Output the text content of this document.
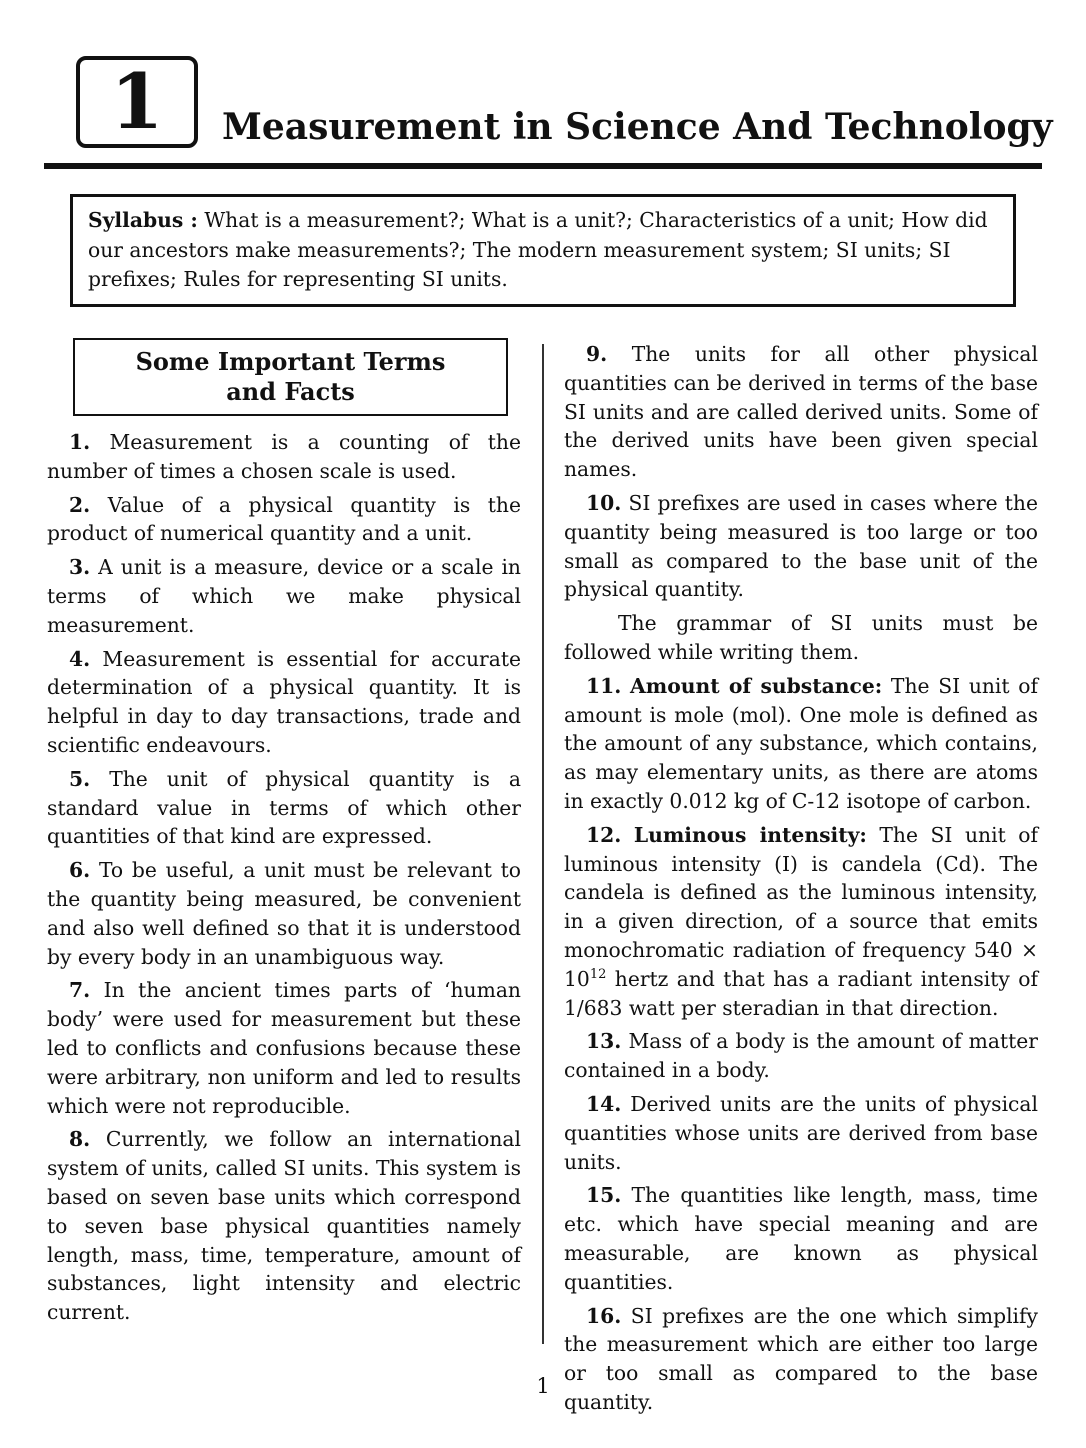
1 Measurement in Science And Technology
Syllabus : What is a measurement?; What is a unit?; Characteristics of a unit; How did our ancestors make measurements?; The modern measurement system; SI units; SI prefixes; Rules for representing SI units.
Some Important Terms
and Facts

1. Measurement is a counting of the number of times a chosen scale is used.

2. Value of a physical quantity is the product of numerical quantity and a unit.

3. A unit is a measure, device or a scale in terms of which we make physical measurement.

4. Measurement is essential for accurate determination of a physical quantity. It is helpful in day to day transactions, trade and scientific endeavours.

5. The unit of physical quantity is a standard value in terms of which other quantities of that kind are expressed.

6. To be useful, a unit must be relevant to the quantity being measured, be convenient and also well defined so that it is understood by every body in an unambiguous way.

7. In the ancient times parts of ‘human body’ were used for measurement but these led to conflicts and confusions because these were arbitrary, non uniform and led to results which were not reproducible.

8. Currently, we follow an international system of units, called SI units. This system is based on seven base units which correspond to seven base physical quantities namely length, mass, time, temperature, amount of substances, light intensity and electric current.

9. The units for all other physical quantities can be derived in terms of the base SI units and are called derived units. Some of the derived units have been given special names.

10. SI prefixes are used in cases where the quantity being measured is too large or too small as compared to the base unit of the physical quantity.

The grammar of SI units must be followed while writing them.

11. Amount of substance: The SI unit of amount is mole (mol). One mole is defined as the amount of any substance, which contains, as may elementary units, as there are atoms in exactly 0.012 kg of C-12 isotope of carbon.

12. Luminous intensity: The SI unit of luminous intensity (I) is candela (Cd). The candela is defined as the luminous intensity, in a given direction, of a source that emits monochromatic radiation of frequency $540 \times 10^{12}$ hertz and that has a radiant intensity of 1/683 watt per steradian in that direction.

13. Mass of a body is the amount of matter contained in a body.

14. Derived units are the units of physical quantities whose units are derived from base units.

15. The quantities like length, mass, time etc. which have special meaning and are measurable, are known as physical quantities.

16. SI prefixes are the one which simplify the measurement which are either too large or too small as compared to the base quantity.

1
